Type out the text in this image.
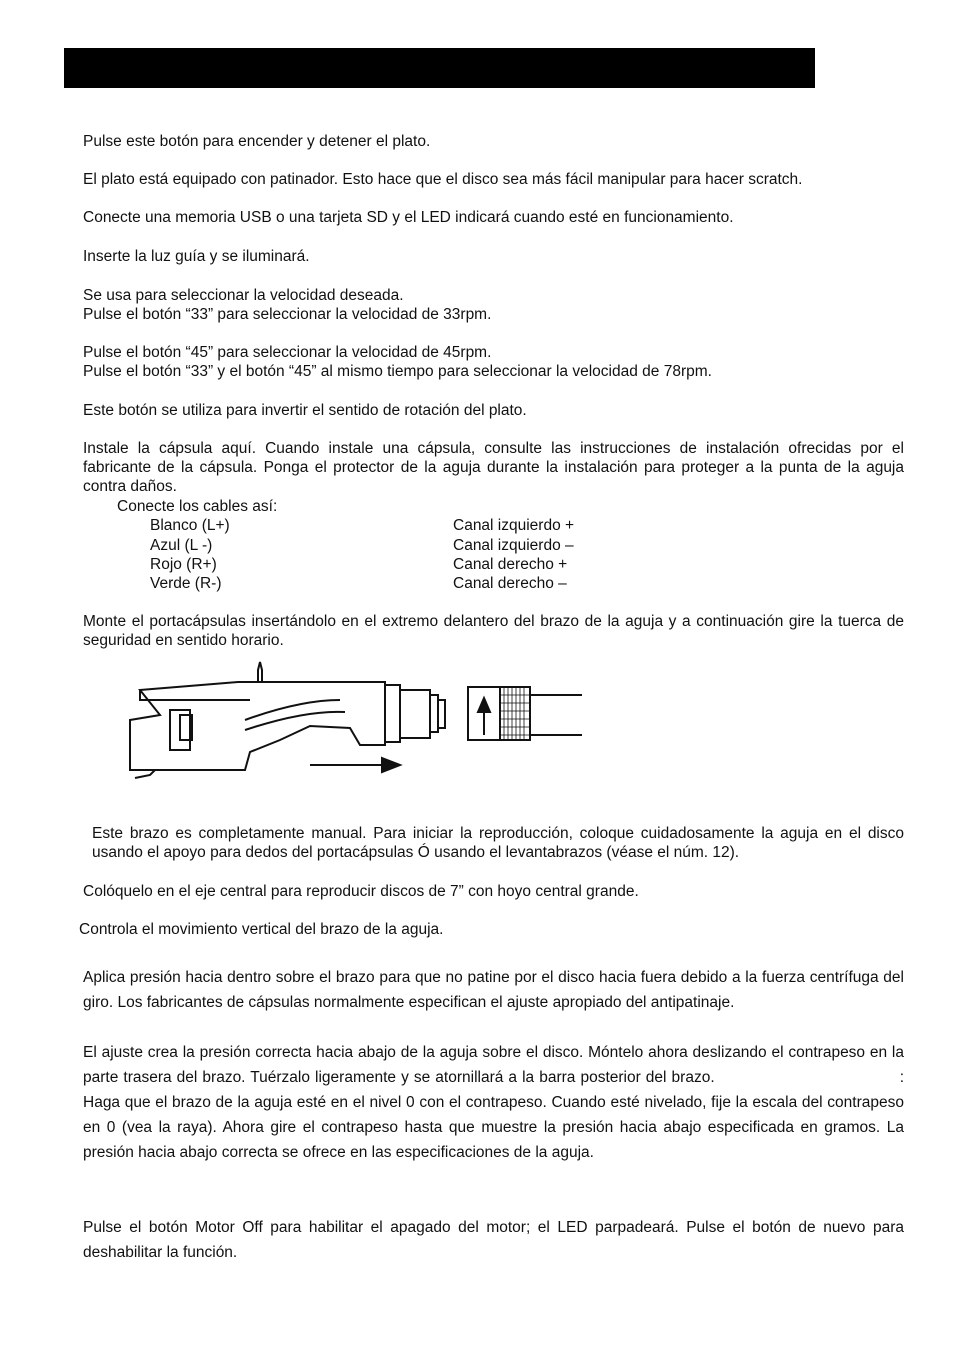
Pulse este botón para encender y detener el plato.

El plato está equipado con patinador. Esto hace que el disco sea más fácil manipular para hacer scratch.

Conecte una memoria USB o una tarjeta SD y el LED indicará cuando esté en funcionamiento.

Inserte la luz guía y se iluminará.

Se usa para seleccionar la velocidad deseada.
Pulse el botón “33” para seleccionar la velocidad de 33rpm.
Pulse el botón “45” para seleccionar la velocidad de 45rpm.
Pulse el botón “33” y el botón “45” al mismo tiempo para seleccionar la velocidad de 78rpm.

Este botón se utiliza para invertir el sentido de rotación del plato.

Instale la cápsula aquí. Cuando instale una cápsula, consulte las instrucciones de instalación ofrecidas por el fabricante de la cápsula. Ponga el protector de la aguja durante la instalación para proteger a la punta de la aguja contra daños.

Conecte los cables así:

Blanco (L+)	Canal izquierdo +
Azul (L -)	Canal izquierdo –
Rojo (R+)	Canal derecho +
Verde (R-)	Canal derecho –

Monte el portacápsulas insertándolo en el extremo delantero del brazo de la aguja y a continuación gire la tuerca de seguridad en sentido horario.

Este brazo es completamente manual. Para iniciar la reproducción, coloque cuidadosamente la aguja en el disco usando el apoyo para dedos del portacápsulas Ó usando el levantabrazos (véase el núm. 12).

Colóquelo en el eje central para reproducir discos de 7” con hoyo central grande.

Controla el movimiento vertical del brazo de la aguja.

Aplica presión hacia dentro sobre el brazo para que no patine por el disco hacia fuera debido a la fuerza centrífuga del giro. Los fabricantes de cápsulas normalmente especifican el ajuste apropiado del antipatinaje.

El ajuste crea la presión correcta hacia abajo de la aguja sobre el disco. Móntelo ahora deslizando el contrapeso en la parte trasera del brazo. Tuérzalo ligeramente y se atornillará a la barra posterior del brazo.	: Haga que el brazo de la aguja esté en el nivel 0 con el contrapeso. Cuando esté nivelado, fije la escala del contrapeso en 0 (vea la raya). Ahora gire el contrapeso hasta que muestre la presión hacia abajo especificada en gramos. La presión hacia abajo correcta se ofrece en las especificaciones de la aguja.

Pulse el botón Motor Off para habilitar el apagado del motor; el LED parpadeará. Pulse el botón de nuevo para deshabilitar la función.
